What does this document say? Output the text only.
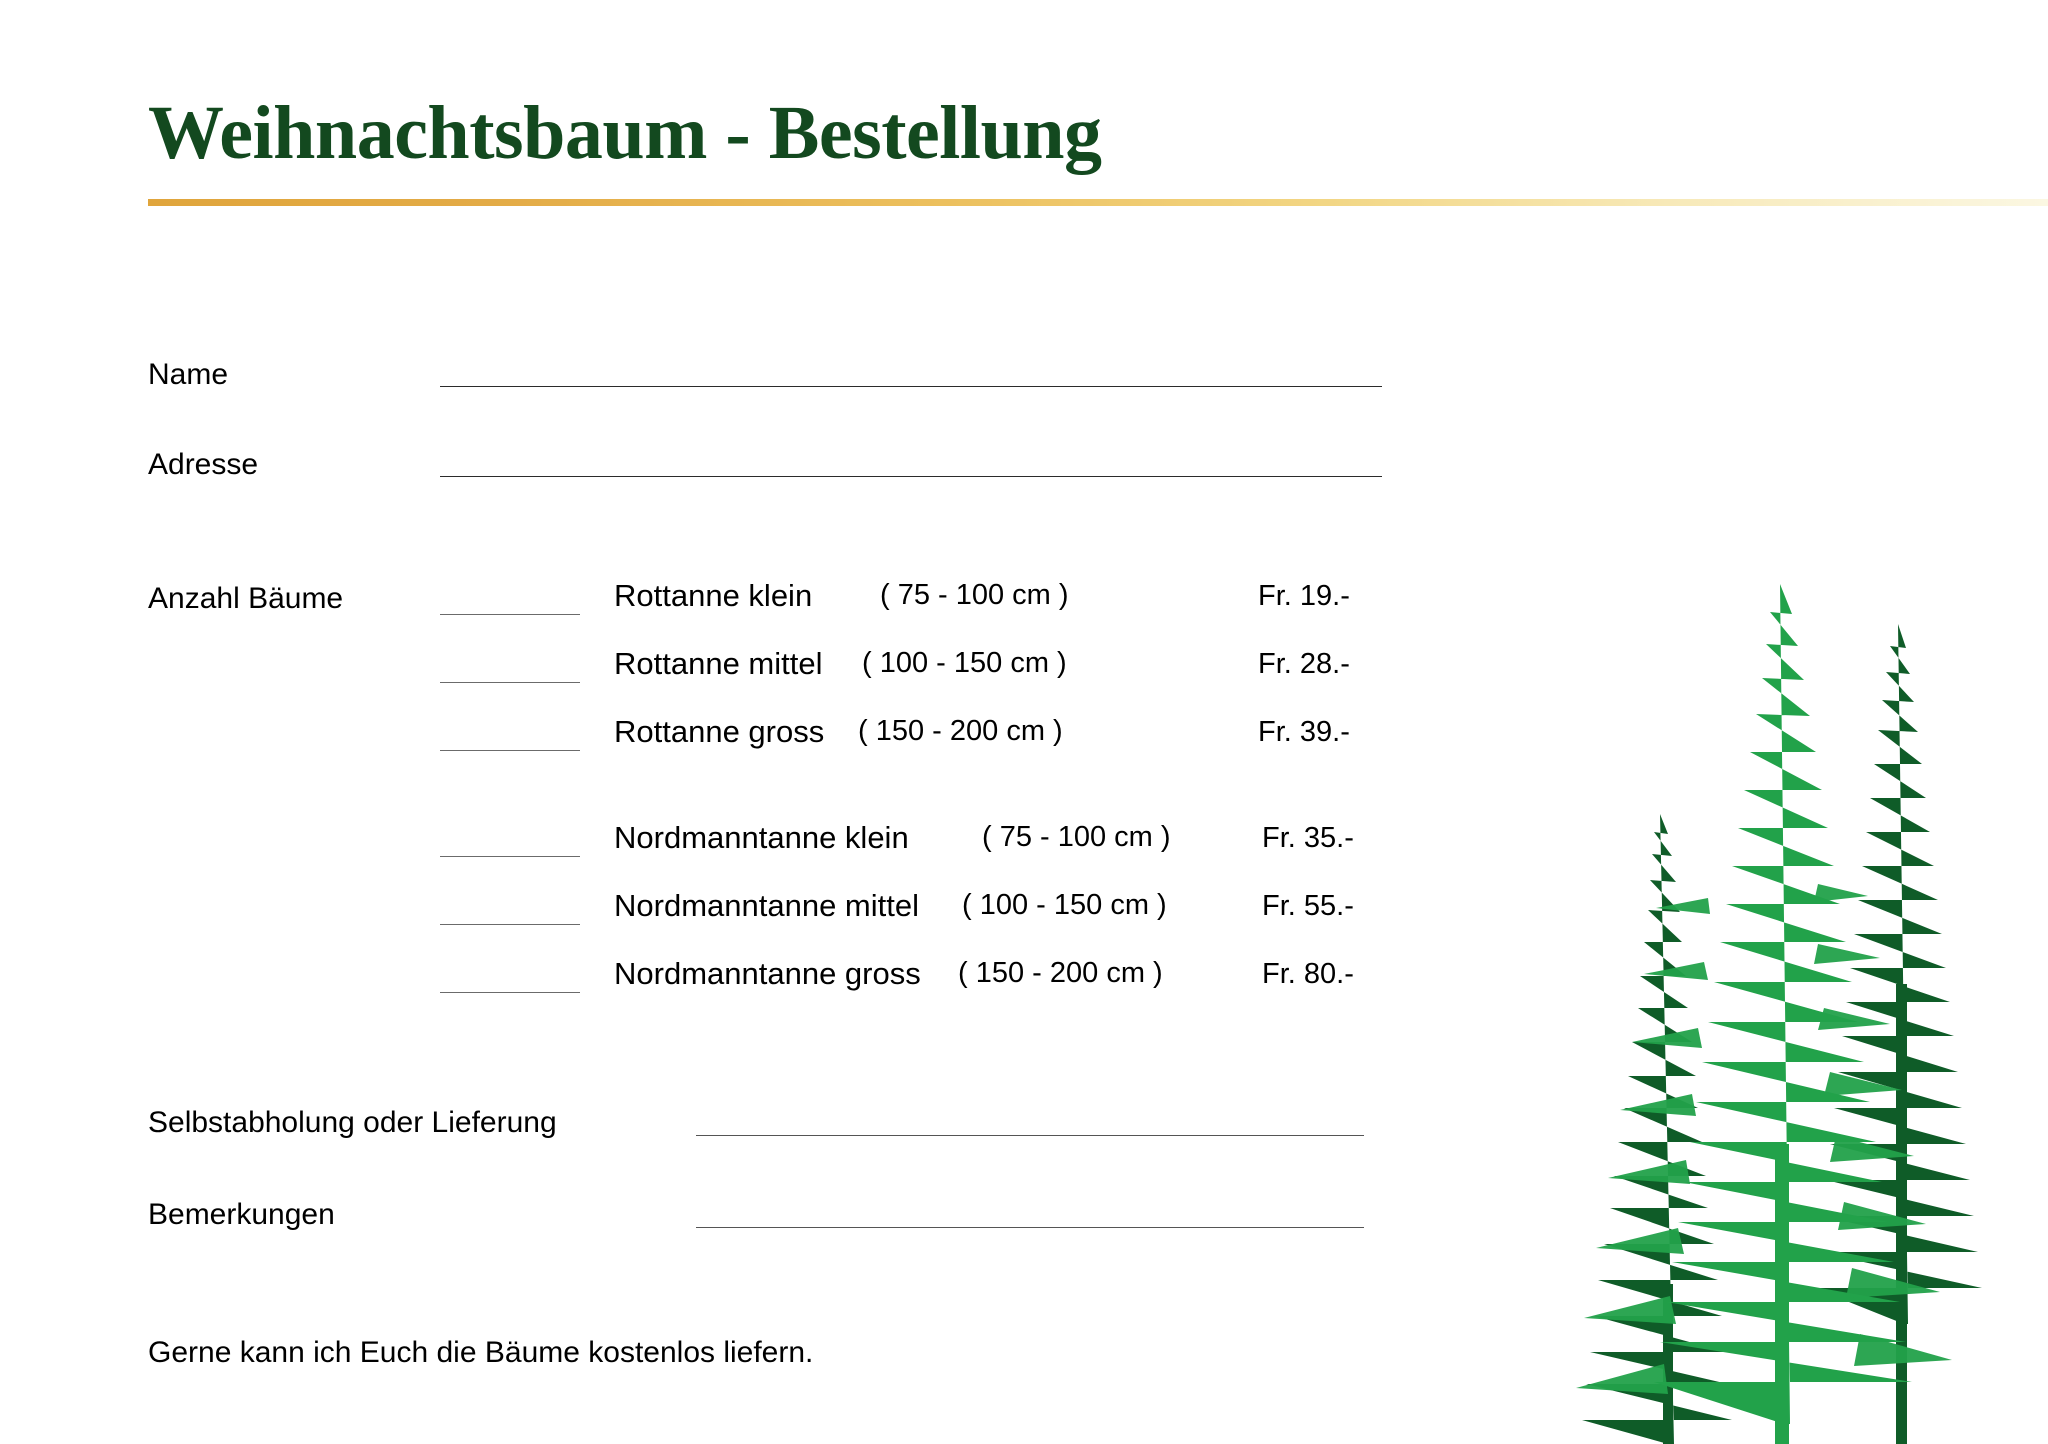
Weihnachtsbaum - Bestellung
Name
Adresse
Anzahl Bäume	Rottanne klein ( 75 - 100 cm )	Fr. 19.-
Rottanne mittel ( 100 - 150 cm )	Fr. 28.-
Rottanne gross ( 150 - 200 cm )	Fr. 39.-
Nordmanntanne klein	( 75 - 100 cm )	Fr. 35.-
Nordmanntanne mittel ( 100 - 150 cm )	Fr. 55.-
Nordmanntanne gross ( 150 - 200 cm )	Fr. 80.-
Selbstabholung oder Lieferung
Bemerkungen
Gerne kann ich Euch die Bäume kostenlos liefern.
